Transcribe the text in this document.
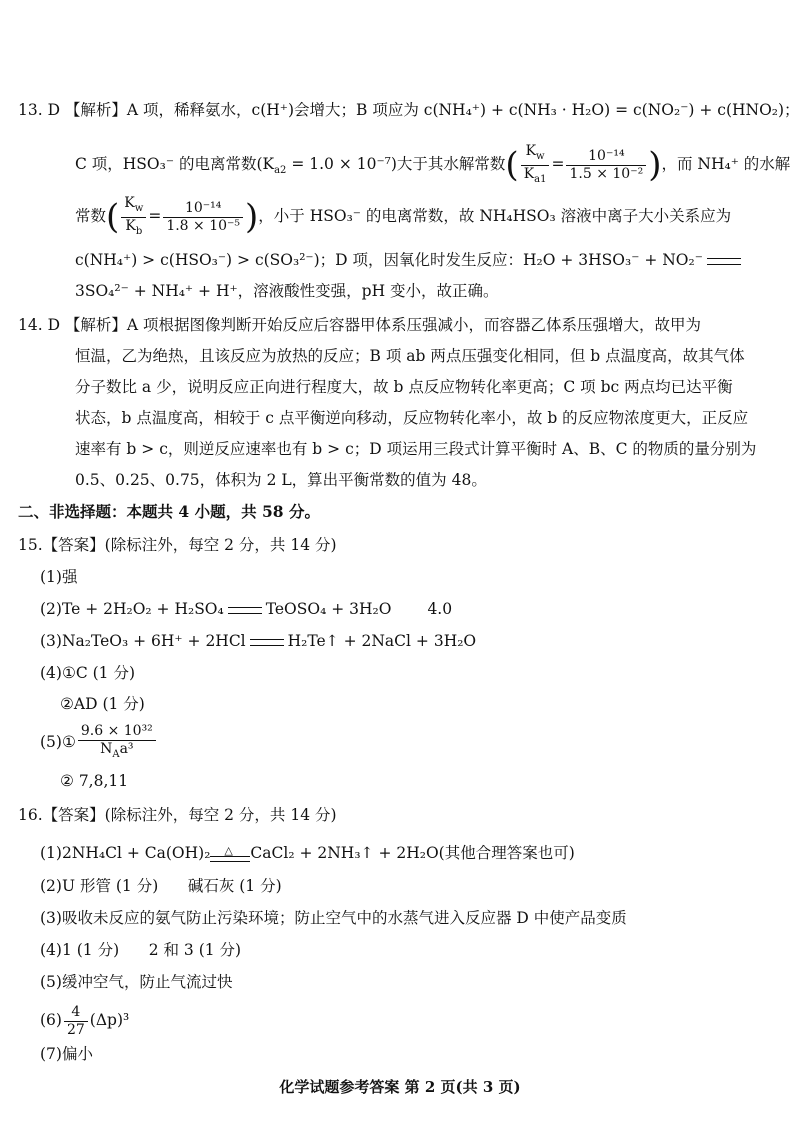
13. D 【解析】A 项，稀释氨水，c(H⁺)会增大；B 项应为 c(NH₄⁺) + c(NH₃ · H₂O) = c(NO₂⁻) + c(HNO₂)；
C 项，HSO₃⁻ 的电离常数$(K_{a2} = 1.0 \times 10^{-7})$大于其水解常数( $\frac{K_w}{K_{a1}} = \frac{\text{10⁻¹⁴}}{\text{1.5 × 10⁻²}}$ )，而 NH₄⁺ 的水解
常数( $\frac{K_w}{K_b} = \frac{\text{10⁻¹⁴}}{\text{1.8 × 10⁻⁵}}$ )，小于 HSO₃⁻ 的电离常数，故 NH₄HSO₃ 溶液中离子大小关系应为
c(NH₄⁺) > c(HSO₃⁻) > c(SO₃²⁻)；D 项，因氧化时发生反应：H₂O + 3HSO₃⁻ + NO₂⁻
3SO₄²⁻ + NH₄⁺ + H⁺，溶液酸性变强，pH 变小，故正确。
14. D 【解析】A 项根据图像判断开始反应后容器甲体系压强减小，而容器乙体系压强增大，故甲为
恒温，乙为绝热，且该反应为放热的反应；B 项 ab 两点压强变化相同，但 b 点温度高，故其气体
分子数比 a 少，说明反应正向进行程度大，故 b 点反应物转化率更高；C 项 bc 两点均已达平衡
状态，b 点温度高，相较于 c 点平衡逆向移动，反应物转化率小，故 b 的反应物浓度更大，正反应
速率有 b > c，则逆反应速率也有 b > c；D 项运用三段式计算平衡时 A、B、C 的物质的量分别为
0.5、0.25、0.75，体积为 2 L，算出平衡常数的值为 48。
二、非选择题：本题共 4 小题，共 58 分。
15.【答案】(除标注外，每空 2 分，共 14 分)
(1)强
(2)Te + 2H₂O₂ + H₂SO₄	TeOSO₄ + 3H₂O 4.0
(3)Na₂TeO₃ + 6H⁺ + 2HCl	H₂Te↑ + 2NaCl + 3H₂O
(4)①C (1 分)
②AD (1 分)
(5)① $\frac{\text{9.6 × 10³²}}{N_Aa^3}$
② 7,8,11
16.【答案】(除标注外，每空 2 分，共 14 分)
(1)2NH₄Cl + Ca(OH)₂ △ CaCl₂ + 2NH₃↑ + 2H₂O(其他合理答案也可)
(2)U 形管 (1 分)      碱石灰 (1 分)
(3)吸收未反应的氨气防止污染环境；防止空气中的水蒸气进入反应器 D 中使产品变质
(4)1 (1 分)      2 和 3 (1 分)
(5)缓冲空气，防止气流过快
$(6) \frac{4}{27} (\Delta p)^3$
(7)偏小
化学试题参考答案 第 2 页(共 3 页)
